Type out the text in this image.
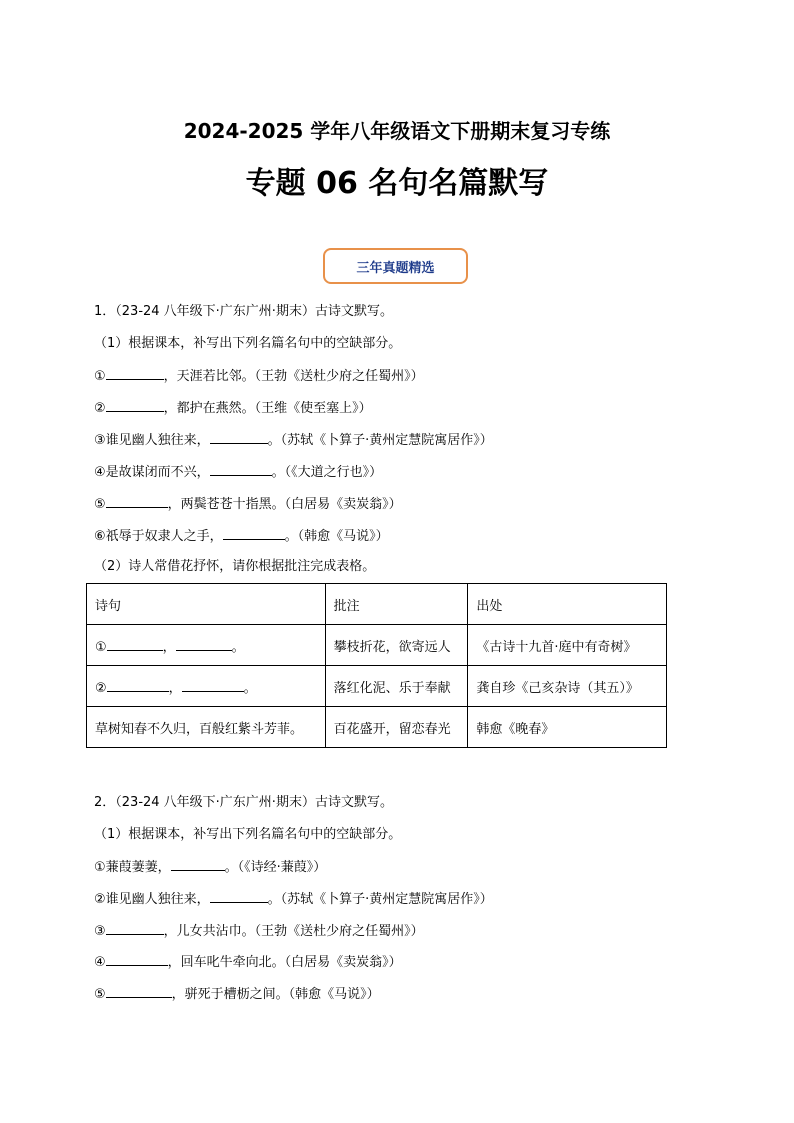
2024-2025 学年八年级语文下册期末复习专练
专题 06 名句名篇默写
三年真题精选
1．（23-24 八年级下·广东广州·期末）古诗文默写。
（1）根据课本，补写出下列名篇名句中的空缺部分。
①	，天涯若比邻。（王勃《送杜少府之任蜀州》）
②	，都护在燕然。（王维《使至塞上》）
③谁见幽人独往来，	。（苏轼《卜算子·黄州定慧院寓居作》）
④是故谋闭而不兴，	。（《大道之行也》）
⑤	，两鬓苍苍十指黑。（白居易《卖炭翁》）
⑥祇辱于奴隶人之手，	。（韩愈《马说》）
（2）诗人常借花抒怀，请你根据批注完成表格。
诗句	批注	出处
① ， 。	攀枝折花，欲寄远人	《古诗十九首·庭中有奇树》
② ， 。	落红化泥、乐于奉献	龚自珍《己亥杂诗（其五）》
草树知春不久归，百般红紫斗芳菲。	百花盛开，留恋春光	韩愈《晚春》
2．（23-24 八年级下·广东广州·期末）古诗文默写。
（1）根据课本，补写出下列名篇名句中的空缺部分。
①蒹葭萋萋，	。（《诗经·蒹葭》）
②谁见幽人独往来，	。（苏轼《卜算子·黄州定慧院寓居作》）
③	，儿女共沾巾。（王勃《送杜少府之任蜀州》）
④	，回车叱牛牵向北。（白居易《卖炭翁》）
⑤	，骈死于槽枥之间。（韩愈《马说》）
